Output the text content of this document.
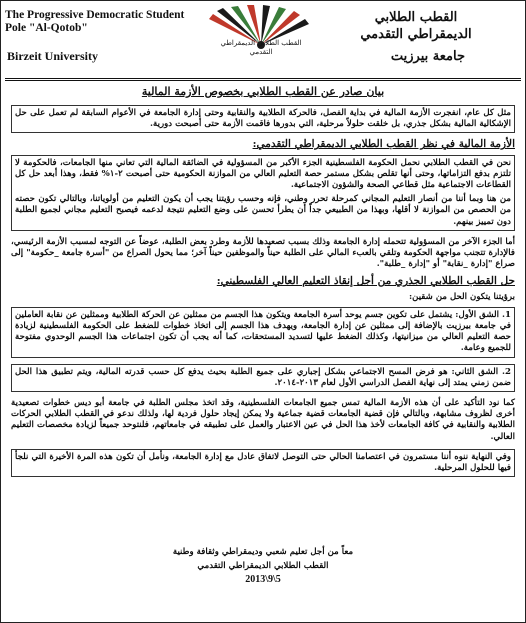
The Progressive Democratic Student Pole "Al-Qotob"
Birzeit University
القطب الطلابي الديمقراطي التقدمي
القطب الطلابي الديمقراطي التقدمي
جامعة بيرزيت
بيان صادر عن القطب الطلابي بخصوص الأزمة المالية

مثل كل عام، انفجرت الأزمة المالية في بداية الفصل، فالحركة الطلابية والنقابية وحتى إدارة الجامعة في الأعوام السابقة لم تعمل على حل الإشكالية المالية بشكل جذري، بل خلقت حلولاً مرحلية، التي بدورها فاقمت الأزمة حتى أصبحت دورية.

الأزمة المالية في نظر القطب الطلابي الديمقراطي التقدمي:

نحن في القطب الطلابي نحمل الحكومة الفلسطينية الجزء الأكبر من المسؤولية في الضائقة المالية التي تعاني منها الجامعات، فالحكومة لا تلتزم بدفع التزاماتها، وحتى أنها تقلص بشكل مستمر حصة التعليم العالي من الموازنة الحكومية حتى أصبحت ٢-١% فقط، وهذا أبعد حل كل القطاعات الاجتماعية مثل قطاعي الصحة والشؤون الاجتماعية.

من هنا وبما أننا من أنصار التعليم المجاني كمرحلة تحرر وطني، فإنه وحسب رؤيتنا يجب أن يكون التعليم من أولوياتنا، وبالتالي تكون حصته من الحصص من الموازنة لا أقلها، وبهذا من الطبيعي جداً أن يطرأ تحسن على وضع التعليم نتيجة لدعمه فيصبح التعليم مجاني لجميع الطلبة دون تمييز بينهم.

أما الجزء الآخر من المسؤولية تتحمله إدارة الجامعة وذلك بسبب تصعيدها للأزمة وطرد بعض الطلبة، عوضاً عن التوجه لمسبب الأزمة الرئيسي، فالإدارة تتجنب مواجهة الحكومة وتلقي بالعبء المالي على الطلبة حيناً والموظفين حيناً آخر؛ مما يحول الصراع من "أسرة جامعة _حكومة" إلى صراع "إدارة _نقابة" أو "إدارة _طلبة".

حل القطب الطلابي الجذري من أجل إنقاذ التعليم العالي الفلسطيني:
برؤيتنا يتكون الحل من شقين:

1. الشق الأول: يشتمل على تكوين جسم يوحد أسرة الجامعة ويتكون هذا الجسم من ممثلين عن الحركة الطلابية وممثلين عن نقابة العاملين في جامعة بيرزيت بالإضافة إلى ممثلين عن إدارة الجامعة، ويهدف هذا الجسم إلى اتخاذ خطوات للضغط على الحكومة الفلسطينية لزيادة حصة التعليم العالي من ميزانيتها، وكذلك الضغط عليها لتسديد المستحقات، كما أنه يجب أن تكون اجتماعات هذا الجسم الوحدوي مفتوحة للجميع وعامة.

2. الشق الثاني: هو فرض المسح الاجتماعي بشكل إجباري على جميع الطلبة بحيث يدفع كل حسب قدرته المالية، ويتم تطبيق هذا الحل ضمن زمني يمتد إلى نهاية الفصل الدراسي الأول لعام ٢٠١٣-٢٠١٤.

كما نود التأكيد على أن هذه الأزمة المالية تمس جميع الجامعات الفلسطينية، وقد اتخذ مجلس الطلبة في جامعة أبو ديس خطوات تصعيدية أخرى لظروف مشابهة، وبالتالي فإن قضية الجامعات قضية جماعية ولا يمكن إيجاد حلول فردية لها، ولذلك ندعو في القطب الطلابي الحركات الطلابية والنقابية في كافة الجامعات لأخذ هذا الحل في عين الاعتبار والعمل على تطبيقه في جامعاتهم، فلنتوحد جميعاً لزيادة مخصصات التعليم العالي.

وفي النهاية ننوه أننا مستمرون في اعتصامنا الحالي حتى التوصل لاتفاق عادل مع إدارة الجامعة، ونأمل أن تكون هذه المرة الأخيرة التي نلجأ فيها للحلول المرحلية.

معاً من أجل تعليم شعبي وديمقراطي وثقافة وطنية
القطب الطلابي الديمقراطي التقدمي
2013\9\5
